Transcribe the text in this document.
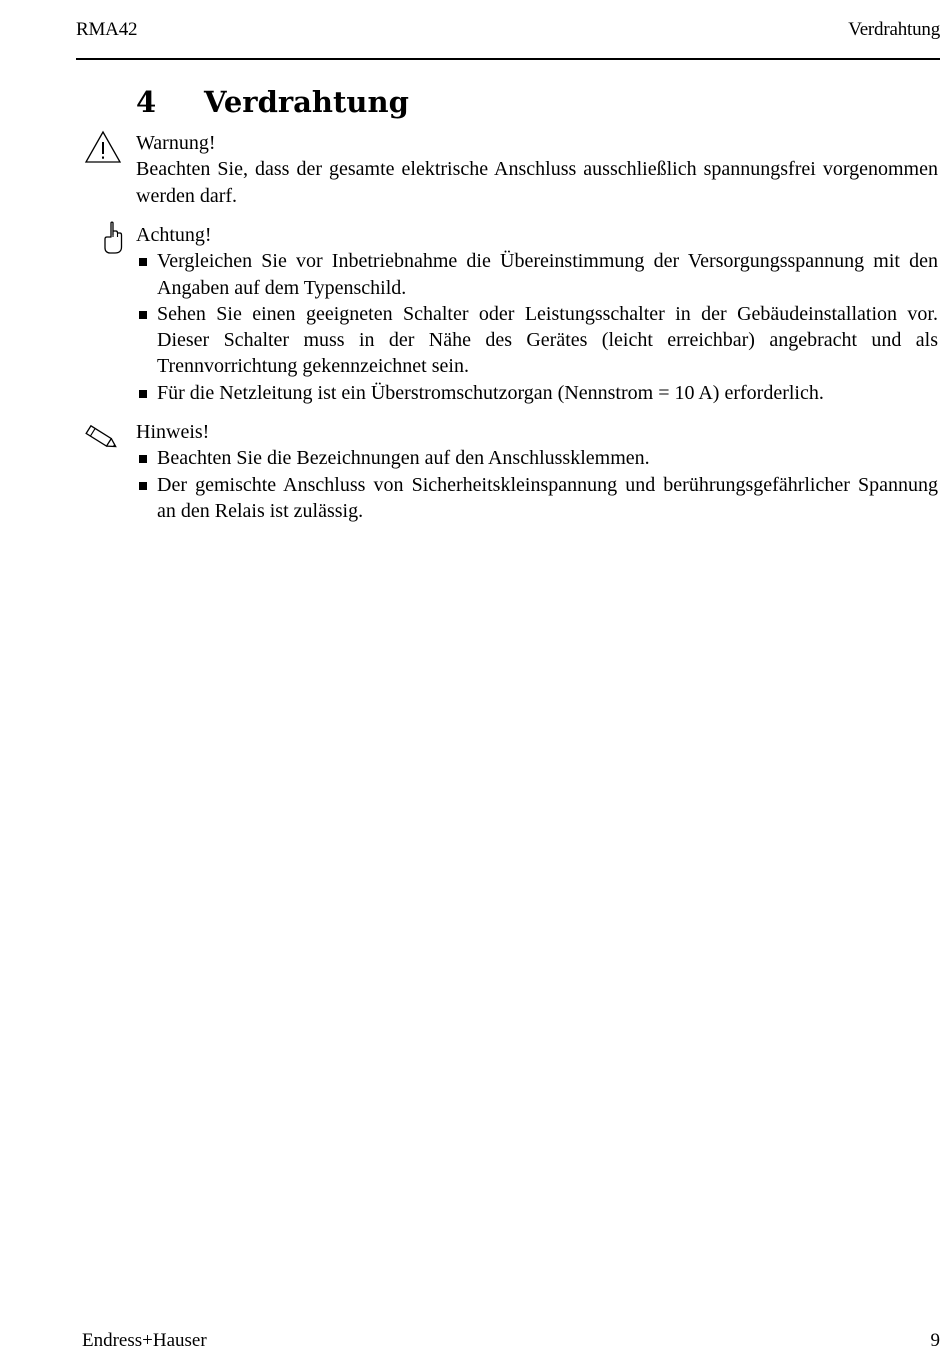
RMA42	Verdrahtung
4 Verdrahtung

Warnung!

Beachten Sie, dass der gesamte elektrische Anschluss ausschließlich spannungsfrei vorgenommen werden darf.

Achtung!

Vergleichen Sie vor Inbetriebnahme die Übereinstimmung der Versorgungsspannung mit den Angaben auf dem Typenschild.
Sehen Sie einen geeigneten Schalter oder Leistungsschalter in der Gebäudeinstallation vor. Dieser Schalter muss in der Nähe des Gerätes (leicht erreichbar) angebracht und als Trennvorrichtung gekennzeichnet sein.
Für die Netzleitung ist ein Überstromschutzorgan (Nennstrom = 10 A) erforderlich.

Hinweis!

Beachten Sie die Bezeichnungen auf den Anschlussklemmen.
Der gemischte Anschluss von Sicherheitskleinspannung und berührungsgefährlicher Spannung an den Relais ist zulässig.
Endress+Hauser	9
